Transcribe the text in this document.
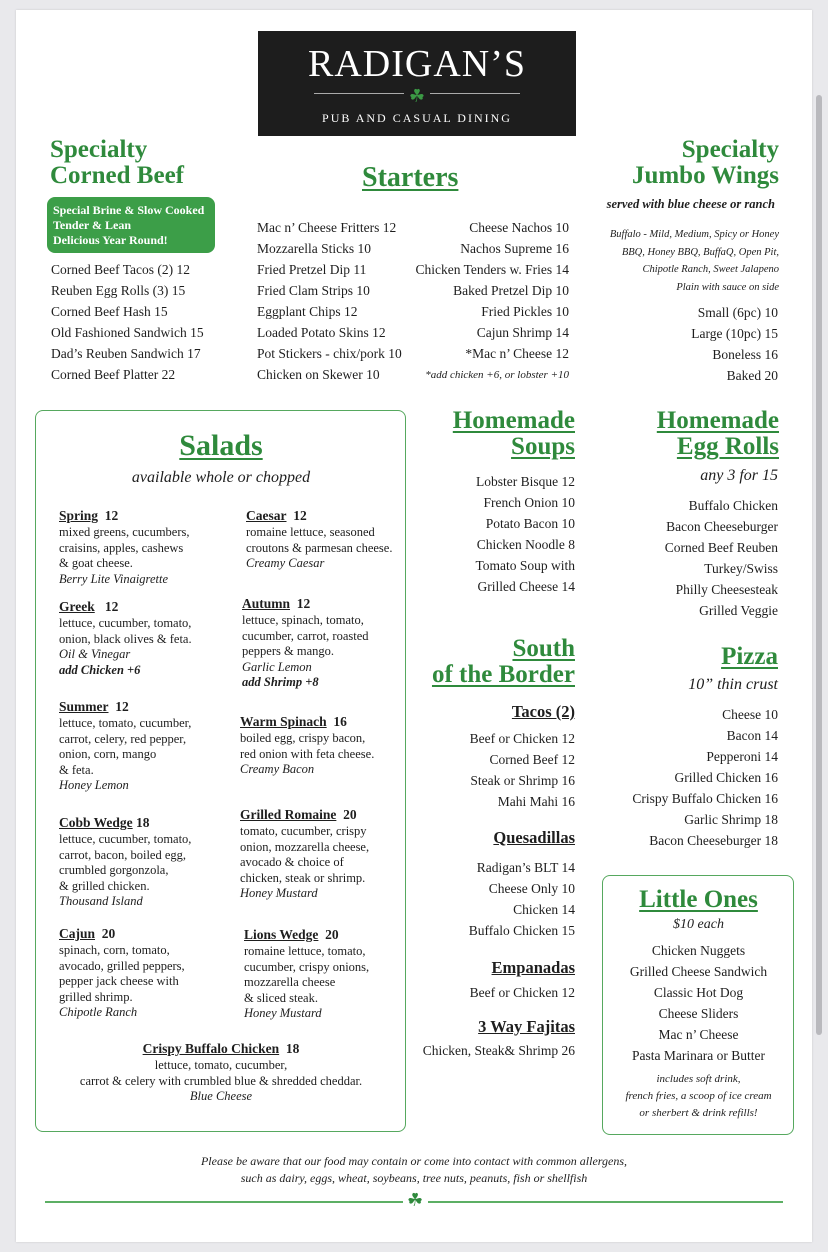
RADIGAN’S
☘
PUB AND CASUAL DINING
Specialty
Corned Beef
Special Brine & Slow Cooked
Tender & Lean
Delicious Year Round!
Corned Beef Tacos (2) 12
Reuben Egg Rolls (3) 15
Corned Beef Hash 15
Old Fashioned Sandwich 15
Dad’s Reuben Sandwich 17
Corned Beef Platter 22
Starters
Mac n’ Cheese Fritters 12
Mozzarella Sticks 10
Fried Pretzel Dip 11
Fried Clam Strips 10
Eggplant Chips 12
Loaded Potato Skins 12
Pot Stickers - chix/pork 10
Chicken on Skewer 10
Cheese Nachos 10
Nachos Supreme 16
Chicken Tenders w. Fries 14
Baked Pretzel Dip 10
Fried Pickles 10
Cajun Shrimp 14
*Mac n’ Cheese 12
*add chicken +6, or lobster +10
Specialty
Jumbo Wings
served with blue cheese or ranch
Buffalo - Mild, Medium, Spicy or Honey
BBQ, Honey BBQ, BuffaQ, Open Pit,
Chipotle Ranch, Sweet Jalapeno
Plain with sauce on side
Small (6pc) 10
Large (10pc) 15
Boneless 16
Baked 20
Salads
available whole or chopped
Spring 12
mixed greens, cucumbers,
craisins, apples, cashews
& goat cheese.
Berry Lite Vinaigrette
Caesar 12
romaine lettuce, seasoned
croutons & parmesan cheese.
Creamy Caesar
Greek 12
lettuce, cucumber, tomato,
onion, black olives & feta.
Oil & Vinegar
add Chicken +6
Autumn 12
lettuce, spinach, tomato,
cucumber, carrot, roasted
peppers & mango.
Garlic Lemon
add Shrimp +8
Summer 12
lettuce, tomato, cucumber,
carrot, celery, red pepper,
onion, corn, mango
& feta.
Honey Lemon
Warm Spinach 16
boiled egg, crispy bacon,
red onion with feta cheese.
Creamy Bacon
Cobb Wedge 18
lettuce, cucumber, tomato,
carrot, bacon, boiled egg,
crumbled gorgonzola,
& grilled chicken.
Thousand Island
Grilled Romaine 20
tomato, cucumber, crispy
onion, mozzarella cheese,
avocado & choice of
chicken, steak or shrimp.
Honey Mustard
Cajun 20
spinach, corn, tomato,
avocado, grilled peppers,
pepper jack cheese with
grilled shrimp.
Chipotle Ranch
Lions Wedge 20
romaine lettuce, tomato,
cucumber, crispy onions,
mozzarella cheese
& sliced steak.
Honey Mustard
Crispy Buffalo Chicken 18
lettuce, tomato, cucumber,
carrot & celery with crumbled blue & shredded cheddar.
Blue Cheese
Homemade
Soups
Lobster Bisque 12
French Onion 10
Potato Bacon 10
Chicken Noodle 8
Tomato Soup with
Grilled Cheese 14
Homemade
Egg Rolls
any 3 for 15
Buffalo Chicken
Bacon Cheeseburger
Corned Beef Reuben
Turkey/Swiss
Philly Cheesesteak
Grilled Veggie
South
of the Border
Tacos (2)
Beef or Chicken 12
Corned Beef 12
Steak or Shrimp 16
Mahi Mahi 16
Quesadillas
Radigan’s BLT 14
Cheese Only 10
Chicken 14
Buffalo Chicken 15
Empanadas
Beef or Chicken 12
3 Way Fajitas
Chicken, Steak& Shrimp 26
Pizza
10” thin crust
Cheese 10
Bacon 14
Pepperoni 14
Grilled Chicken 16
Crispy Buffalo Chicken 16
Garlic Shrimp 18
Bacon Cheeseburger 18
Little Ones
$10 each
Chicken Nuggets
Grilled Cheese Sandwich
Classic Hot Dog
Cheese Sliders
Mac n’ Cheese
Pasta Marinara or Butter
includes soft drink,
french fries, a scoop of ice cream
or sherbert & drink refills!
Please be aware that our food may contain or come into contact with common allergens,
such as dairy, eggs, wheat, soybeans, tree nuts, peanuts, fish or shellfish
☘
